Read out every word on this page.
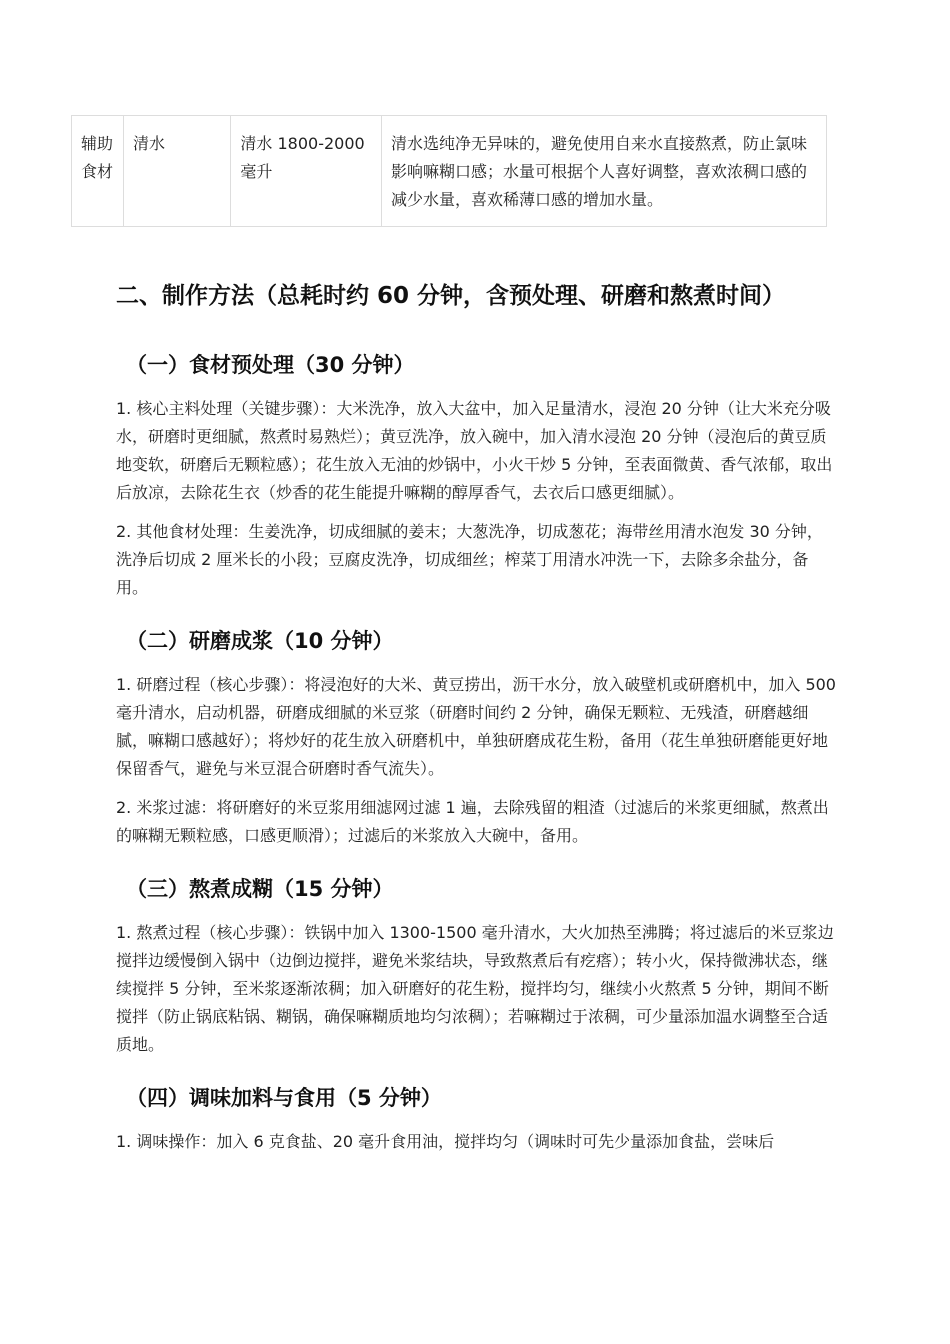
辅助食材	清水	清水 1800-2000 毫升	清水选纯净无异味的，避免使用自来水直接熬煮，防止氯味影响嘛糊口感；水量可根据个人喜好调整，喜欢浓稠口感的减少水量，喜欢稀薄口感的增加水量。
二、制作方法（总耗时约 60 分钟，含预处理、研磨和熬煮时间）
（一）食材预处理（30 分钟）

1. 核心主料处理（关键步骤）：大米洗净，放入大盆中，加入足量清水，浸泡 20 分钟（让大米充分吸水，研磨时更细腻，熬煮时易熟烂）；黄豆洗净，放入碗中，加入清水浸泡 20 分钟（浸泡后的黄豆质地变软，研磨后无颗粒感）；花生放入无油的炒锅中，小火干炒 5 分钟，至表面微黄、香气浓郁，取出后放凉，去除花生衣（炒香的花生能提升嘛糊的醇厚香气，去衣后口感更细腻）。

2. 其他食材处理：生姜洗净，切成细腻的姜末；大葱洗净，切成葱花；海带丝用清水泡发 30 分钟，洗净后切成 2 厘米长的小段；豆腐皮洗净，切成细丝；榨菜丁用清水冲洗一下，去除多余盐分，备用。

（二）研磨成浆（10 分钟）

1. 研磨过程（核心步骤）：将浸泡好的大米、黄豆捞出，沥干水分，放入破壁机或研磨机中，加入 500 毫升清水，启动机器，研磨成细腻的米豆浆（研磨时间约 2 分钟，确保无颗粒、无残渣，研磨越细腻，嘛糊口感越好）；将炒好的花生放入研磨机中，单独研磨成花生粉，备用（花生单独研磨能更好地保留香气，避免与米豆混合研磨时香气流失）。

2. 米浆过滤：将研磨好的米豆浆用细滤网过滤 1 遍，去除残留的粗渣（过滤后的米浆更细腻，熬煮出的嘛糊无颗粒感，口感更顺滑）；过滤后的米浆放入大碗中，备用。

（三）熬煮成糊（15 分钟）

1. 熬煮过程（核心步骤）：铁锅中加入 1300-1500 毫升清水，大火加热至沸腾；将过滤后的米豆浆边搅拌边缓慢倒入锅中（边倒边搅拌，避免米浆结块，导致熬煮后有疙瘩）；转小火，保持微沸状态，继续搅拌 5 分钟，至米浆逐渐浓稠；加入研磨好的花生粉，搅拌均匀，继续小火熬煮 5 分钟，期间不断搅拌（防止锅底粘锅、糊锅，确保嘛糊质地均匀浓稠）；若嘛糊过于浓稠，可少量添加温水调整至合适质地。

（四）调味加料与食用（5 分钟）

1. 调味操作：加入 6 克食盐、20 毫升食用油，搅拌均匀（调味时可先少量添加食盐，尝味后
